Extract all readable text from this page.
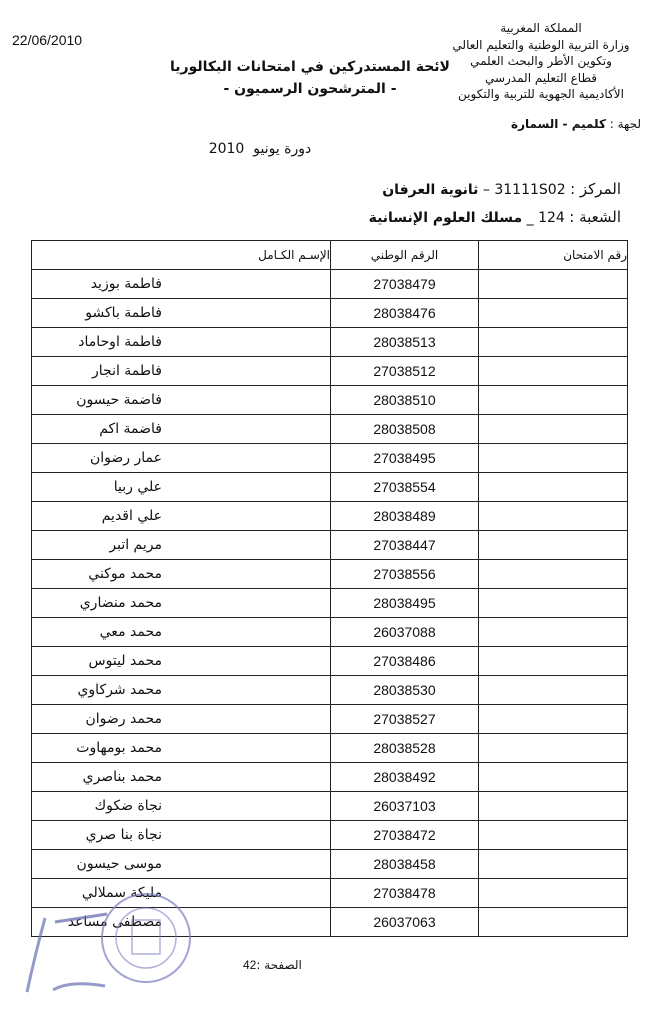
22/06/2010
المملكة المغربية
وزارة التربية الوطنية والتعليم العالي
وتكوين الأطر والبحث العلمي
قطاع التعليم المدرسي
الأكاديمية الجهوية للتربية والتكوين
لجهة : كلميم - السمارة
لائحة المستدركين في امتحانات البكالوريا
- المترشحون الرسميون -
دورة يونيو  2010
المركز : 31111S02 – ثانوية العرفان
الشعبة : 124 _ مسلك العلوم الإنسانية
رقم الامتحان	الرقم الوطني	الإسـم الكـامل
	27038479	فاطمة بوزيد
	28038476	فاطمة باكشو
	28038513	فاطمة اوحاماد
	27038512	فاطمة انجار
	28038510	فاضمة حيسون
	28038508	فاضمة اكم
	27038495	عمار رضوان
	27038554	علي ربيا
	28038489	علي اقديم
	27038447	مريم اتبر
	27038556	محمد موكني
	28038495	محمد منضاري
	26037088	محمد معي
	27038486	محمد ليتوس
	28038530	محمد شركاوي
	27038527	محمد رضوان
	28038528	محمد بومهاوت
	28038492	محمد بناصري
	26037103	نجاة ضكوك
	27038472	نجاة بنا صري
	28038458	موسى حيسون
	27038478	مليكة سملالي
	26037063	مصطفى مساعد
الصفحة :42
